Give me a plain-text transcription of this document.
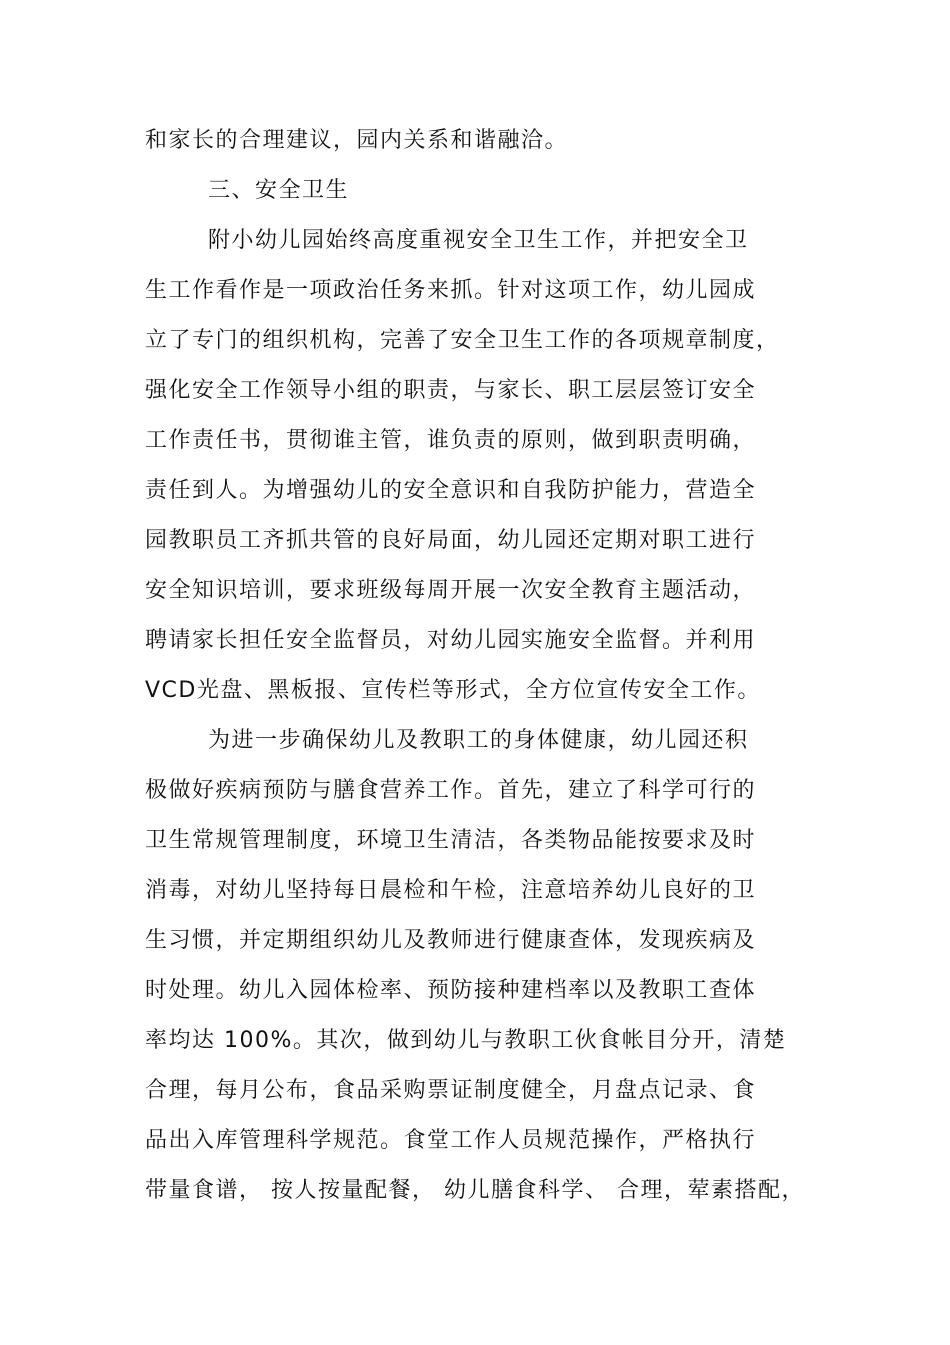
和家长的合理建议，园内关系和谐融洽。
三、安全卫生
附小幼儿园始终高度重视安全卫生工作，并把安全卫
生工作看作是一项政治任务来抓。针对这项工作，幼儿园成
立了专门的组织机构，完善了安全卫生工作的各项规章制度，
强化安全工作领导小组的职责，与家长、职工层层签订安全
工作责任书，贯彻谁主管，谁负责的原则，做到职责明确，
责任到人。为增强幼儿的安全意识和自我防护能力，营造全
园教职员工齐抓共管的良好局面，幼儿园还定期对职工进行
安全知识培训，要求班级每周开展一次安全教育主题活动，
聘请家长担任安全监督员，对幼儿园实施安全监督。并利用
VCD光盘、黑板报、宣传栏等形式，全方位宣传安全工作。
为进一步确保幼儿及教职工的身体健康，幼儿园还积
极做好疾病预防与膳食营养工作。首先，建立了科学可行的
卫生常规管理制度，环境卫生清洁，各类物品能按要求及时
消毒，对幼儿坚持每日晨检和午检，注意培养幼儿良好的卫
生习惯，并定期组织幼儿及教师进行健康查体，发现疾病及
时处理。幼儿入园体检率、预防接种建档率以及教职工查体
率均达 100%。其次，做到幼儿与教职工伙食帐目分开，清楚
合理，每月公布，食品采购票证制度健全，月盘点记录、食
品出入库管理科学规范。食堂工作人员规范操作，严格执行
带量食谱， 按人按量配餐， 幼儿膳食科学、 合理，荤素搭配，
